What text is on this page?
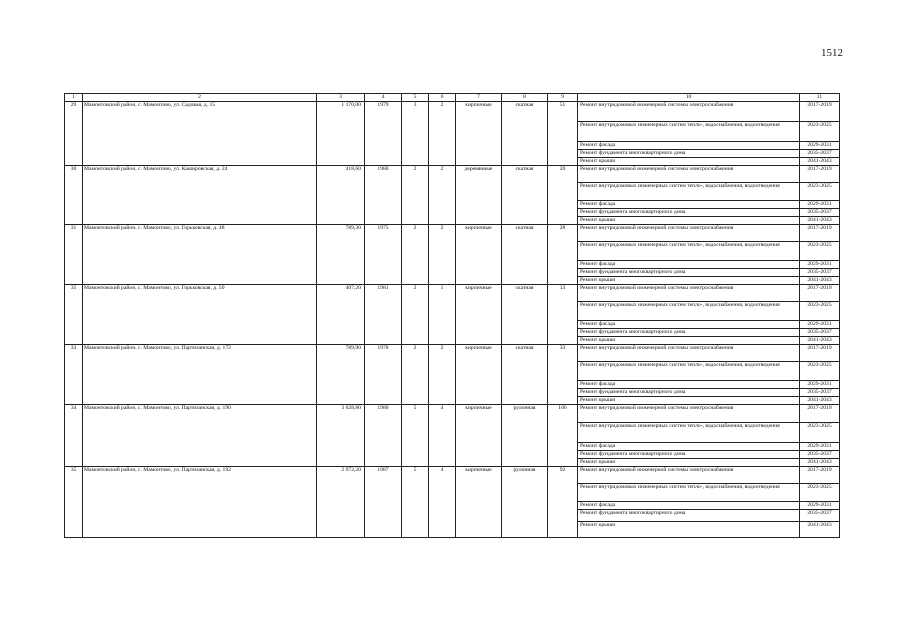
1512
1	2	3	4	5	6	7	8	9	10	11
29	Мамонтовский район, с. Мамонтово, ул. Садовая, д. 15	1 170,00	1979	3	2	кирпичные	скатная	51	Ремонт внутридомовой инженерной системы электроснабжения	2017-2019
									Ремонт внутридомовых инженерных систем тепло-, водоснабжения, водоотведения	2023-2025
									Ремонт фасада	2029-2031
									Ремонт фундамента многоквартирного дома	2035-2037
									Ремонт крыши	2041-2043
30	Мамонтовский район, с. Мамонтово, ул. Кашировская, д. 24	418,60	1980	2	2	деревянные	скатная	20	Ремонт внутридомовой инженерной системы электроснабжения	2017-2019
									Ремонт внутридомовых инженерных систем тепло-, водоснабжения, водоотведения	2023-2025
									Ремонт фасада	2029-2031
									Ремонт фундамента многоквартирного дома	2035-2037
									Ремонт крыши	2041-2043
31	Мамонтовский район, с. Мамонтово, ул. Горьковская, д. 48	789,30	1975	2	2	кирпичные	скатная	28	Ремонт внутридомовой инженерной системы электроснабжения	2017-2019
									Ремонт внутридомовых инженерных систем тепло-, водоснабжения, водоотведения	2023-2025
									Ремонт фасада	2029-2031
									Ремонт фундамента многоквартирного дома	2035-2037
									Ремонт крыши	2041-2043
35	Мамонтовский район, с. Мамонтово, ул. Горьковская, д. 50	407,20	1981	2	1	кирпичные	скатная	13	Ремонт внутридомовой инженерной системы электроснабжения	2017-2019
									Ремонт внутридомовых инженерных систем тепло-, водоснабжения, водоотведения	2023-2025
									Ремонт фасада	2029-2031
									Ремонт фундамента многоквартирного дома	2035-2037
									Ремонт крыши	2041-2043
33	Мамонтовский район, с. Мамонтово, ул. Партизанская, д. 172	789,90	1978	2	2	кирпичные	скатная	33	Ремонт внутридомовой инженерной системы электроснабжения	2017-2019
									Ремонт внутридомовых инженерных систем тепло-, водоснабжения, водоотведения	2023-2025
									Ремонт фасада	2029-2031
									Ремонт фундамента многоквартирного дома	2035-2037
									Ремонт крыши	2041-2043
34	Мамонтовский район, с. Мамонтово, ул. Партизанская, д. 190	3 028,80	1980	5	4	кирпичные	рулонная	106	Ремонт внутридомовой инженерной системы электроснабжения	2017-2019
									Ремонт внутридомовых инженерных систем тепло-, водоснабжения, водоотведения	2023-2025
									Ремонт фасада	2029-2031
									Ремонт фундамента многоквартирного дома	2035-2037
									Ремонт крыши	2041-2043
35	Мамонтовский район, с. Мамонтово, ул. Партизанская, д. 192	2 972,20	1987	5	4	кирпичные	рулонная	92	Ремонт внутридомовой инженерной системы электроснабжения	2017-2019
									Ремонт внутридомовых инженерных систем тепло-, водоснабжения, водоотведения	2023-2025
									Ремонт фасада	2029-2031
									Ремонт фундамента многоквартирного дома	2035-2037
									Ремонт крыши	2041-2043
